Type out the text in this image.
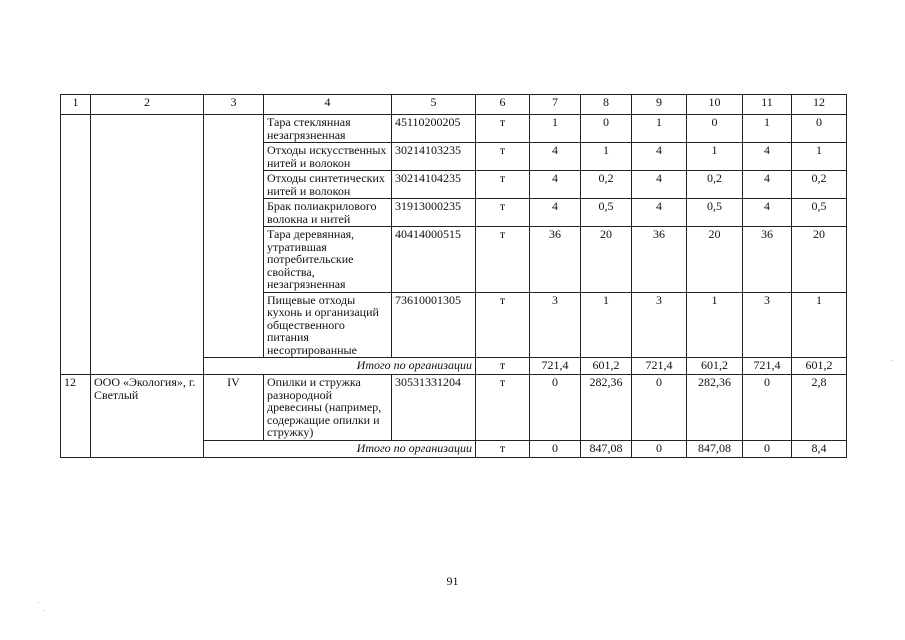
1	2	3	4	5	6	7	8	9	10	11	12
			Тара стеклянная незагрязненная	45110200205	т	1	0	1	0	1	0
			Отходы искусственных нитей и волокон	30214103235	т	4	1	4	1	4	1
			Отходы синтетических нитей и волокон	30214104235	т	4	0,2	4	0,2	4	0,2
			Брак полиакрилового волокна и нитей	31913000235	т	4	0,5	4	0,5	4	0,5
			Тара деревянная, утратившая потребительские свойства, незагрязненная	40414000515	т	36	20	36	20	36	20
			Пищевые отходы кухонь и организаций общественного питания несортированные	73610001305	т	3	1	3	1	3	1
		Итого по организации			т	721,4	601,2	721,4	601,2	721,4	601,2
12	ООО «Экология», г. Светлый	IV	Опилки и стружка разнородной древесины (например, содержащие опилки и стружку)	30531331204	т	0	282,36	0	282,36	0	2,8
		Итого по организации			т	0	847,08	0	847,08	0	8,4
91
